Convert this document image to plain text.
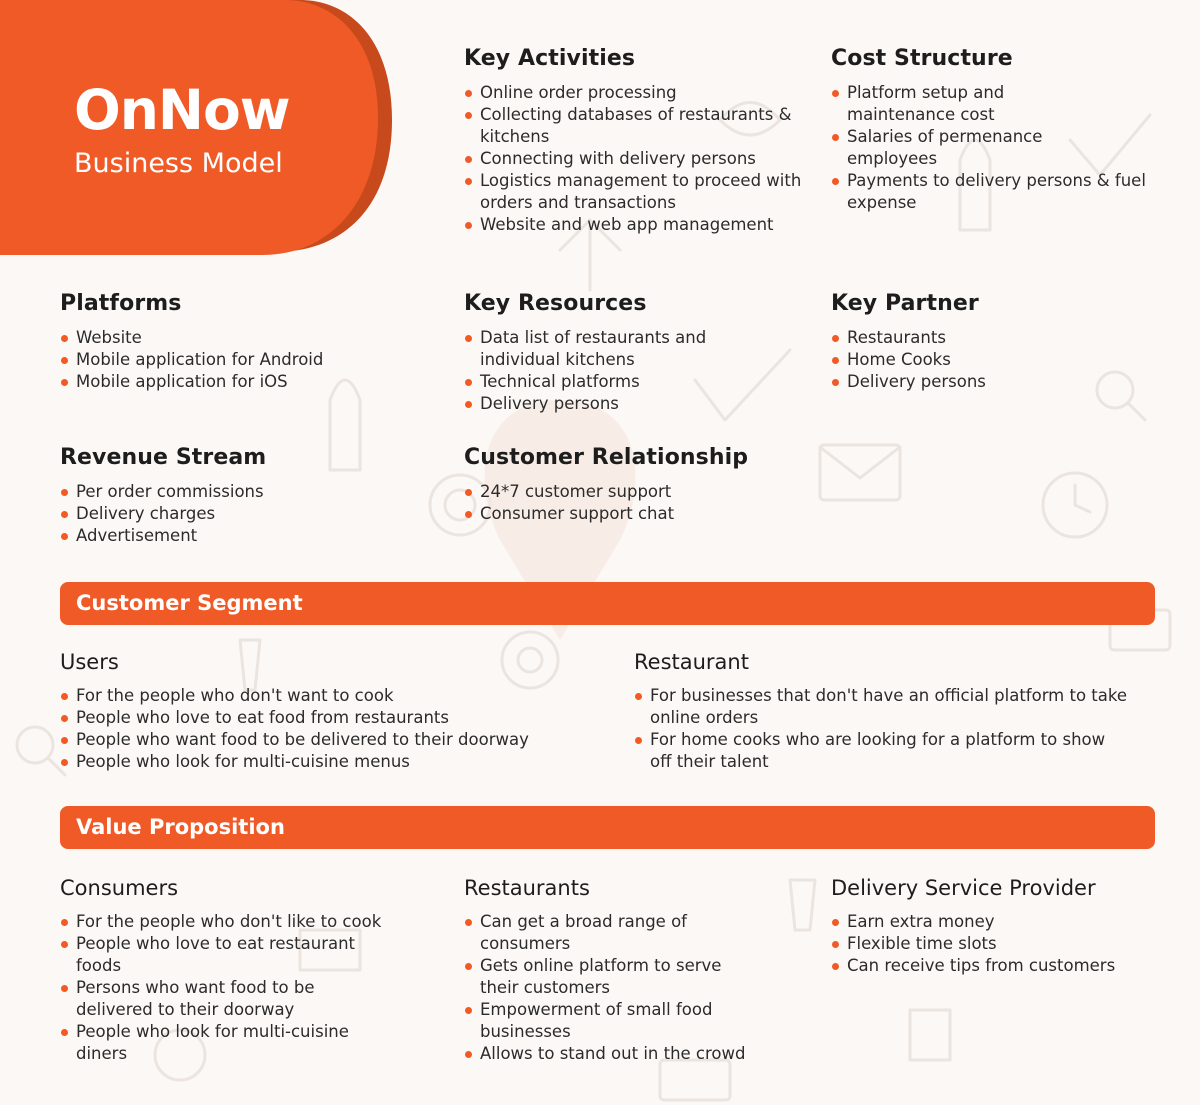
OnNow
Business Model
Key Activities
Online order processing
Collecting databases of restaurants & kitchens
Connecting with delivery persons
Logistics management to proceed with orders and transactions
Website and web app management
Cost Structure
Platform setup and maintenance cost
Salaries of permenance employees
Payments to delivery persons & fuel expense
Platforms
Website
Mobile application for Android
Mobile application for iOS
Key Resources
Data list of restaurants and individual kitchens
Technical platforms
Delivery persons
Key Partner
Restaurants
Home Cooks
Delivery persons
Revenue Stream
Per order commissions
Delivery charges
Advertisement
Customer Relationship
24*7 customer support
Consumer support chat
Customer Segment
Users
For the people who don't want to cook
People who love to eat food from restaurants
People who want food to be delivered to their doorway
People who look for multi-cuisine menus
Restaurant
For businesses that don't have an official platform to take online orders
For home cooks who are looking for a platform to show off their talent
Value Proposition
Consumers
For the people who don't like to cook
People who love to eat restaurant foods
Persons who want food to be delivered to their doorway
People who look for multi-cuisine diners
Restaurants
Can get a broad range of consumers
Gets online platform to serve their customers
Empowerment of small food businesses
Allows to stand out in the crowd
Delivery Service Provider
Earn extra money
Flexible time slots
Can receive tips from customers
